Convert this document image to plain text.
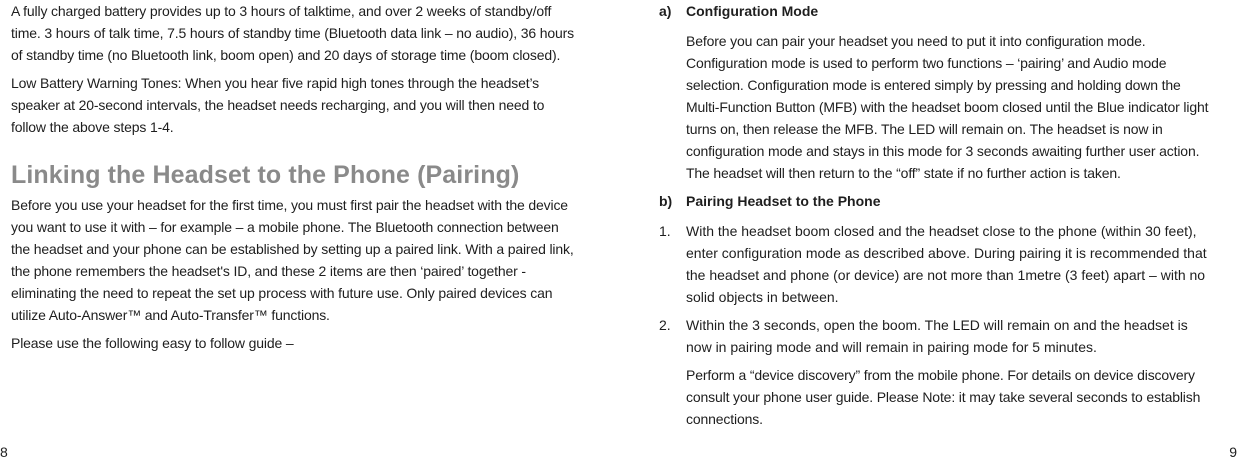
A fully charged battery provides up to 3 hours of talktime, and over 2 weeks of standby/off time. 3 hours of talk time, 7.5 hours of standby time (Bluetooth data link – no audio), 36 hours of standby time (no Bluetooth link, boom open) and 20 days of storage time (boom closed).

Low Battery Warning Tones: When you hear five rapid high tones through the headset’s speaker at 20-second intervals, the headset needs recharging, and you will then need to follow the above steps 1-4.

Linking the Headset to the Phone (Pairing)

Before you use your headset for the first time, you must first pair the headset with the device you want to use it with – for example – a mobile phone. The Bluetooth connection between the headset and your phone can be established by setting up a paired link. With a paired link, the phone remembers the headset's ID, and these 2 items are then ‘paired’ together - eliminating the need to repeat the set up process with future use. Only paired devices can utilize Auto-Answer™ and Auto-Transfer™ functions.

Please use the following easy to follow guide –

a)	Configuration Mode

Before you can pair your headset you need to put it into configuration mode. Configuration mode is used to perform two functions – ‘pairing’ and Audio mode selection. Configuration mode is entered simply by pressing and holding down the Multi-Function Button (MFB) with the headset boom closed until the Blue indicator light turns on, then release the MFB. The LED will remain on. The headset is now in configuration mode and stays in this mode for 3 seconds awaiting further user action. The headset will then return to the “off” state if no further action is taken.

b) Pairing Headset to the Phone
1.	With the headset boom closed and the headset close to the phone (within 30 feet), enter configuration mode as described above. During pairing it is recommended that the headset and phone (or device) are not more than 1metre (3 feet) apart – with no solid objects in between.
2.	Within the 3 seconds, open the boom. The LED will remain on and the headset is now in pairing mode and will remain in pairing mode for 5 minutes.

Perform a “device discovery” from the mobile phone. For details on device discovery consult your phone user guide. Please Note: it may take several seconds to establish connections.

8	9
